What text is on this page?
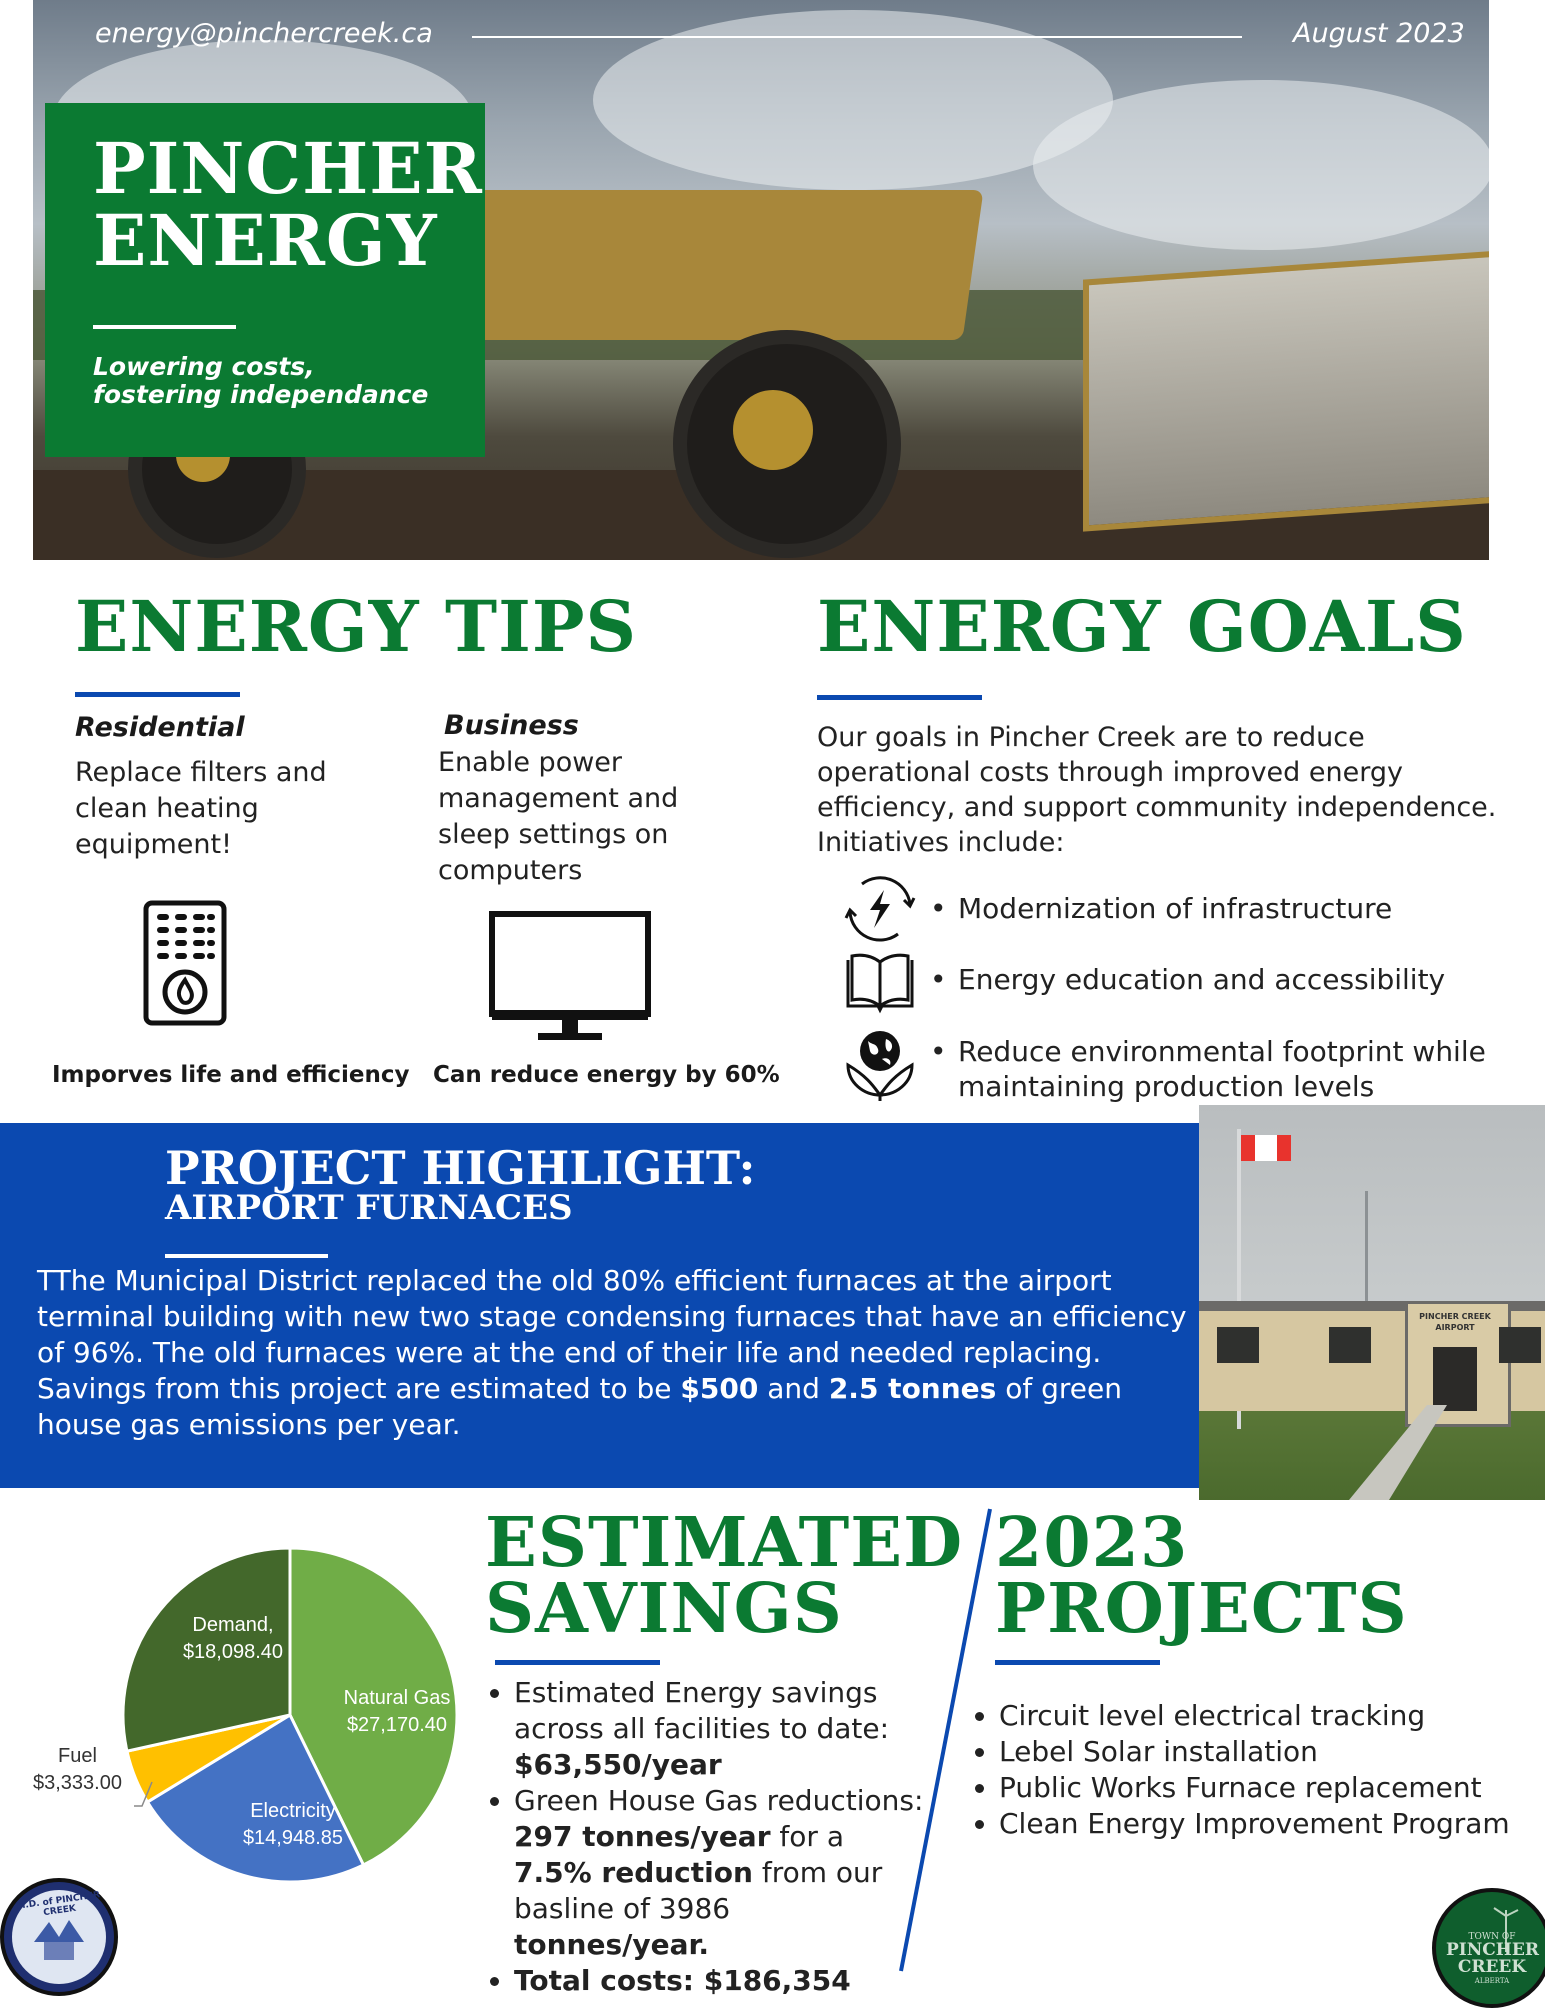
energy@pinchercreek.ca	August 2023
PINCHER
ENERGY
Lowering costs,
fostering independance
ENERGY TIPS
Residential

Replace filters and clean heating equipment!

Imporves life and efficiency
Business

Enable power management and sleep settings on computers

Can reduce energy by 60%
ENERGY GOALS
Our goals in Pincher Creek are to reduce operational costs through improved energy efficiency, and support community independence. Initiatives include:
• Modernization of infrastructure
• Energy education and accessibility
• Reduce environmental footprint while maintaining production levels
PROJECT HIGHLIGHT:
AIRPORT FURNACES

TThe Municipal District replaced the old 80% efficient furnaces at the airport terminal building with new two stage condensing furnaces that have an efficiency of 96%. The old furnaces were at the end of their life and needed replacing. Savings from this project are estimated to be $500 and 2.5 tonnes of green house gas emissions per year.

PINCHER CREEK
AIRPORT
Demand,
$18,098.40
Natural Gas
$27,170.40
Electricity
$14,948.85
Fuel
$3,333.00
ESTIMATED
SAVINGS
• Estimated Energy savings across all facilities to date: $63,550/year
• Green House Gas reductions: 297 tonnes/year for a 7.5% reduction from our basline of 3986 tonnes/year.
• Total costs: $186,354
2023
PROJECTS
• Circuit level electrical tracking
• Lebel Solar installation
• Public Works Furnace replacement
• Clean Energy Improvement Program
M.D. of PINCHER CREEK
TOWN OF
PINCHER
CREEK
ALBERTA
